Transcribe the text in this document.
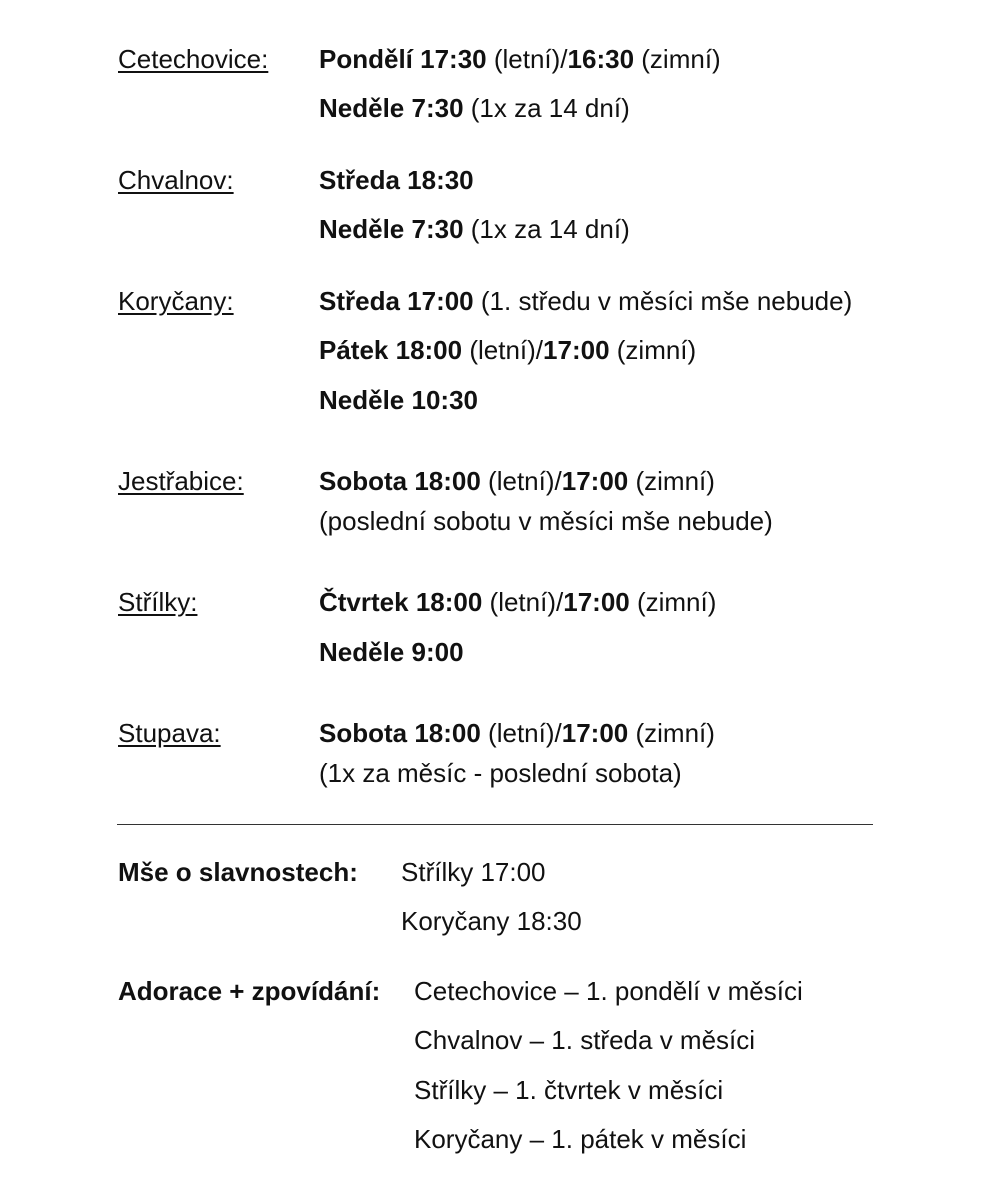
Cetechovice:
Chvalnov:
Koryčany:
Jestřabice:
Střílky:
Stupava:
Pondělí 17:30 (letní)/16:30 (zimní)
Neděle 7:30 (1x za 14 dní)
Středa 18:30
Neděle 7:30 (1x za 14 dní)
Středa 17:00 (1. středu v měsíci mše nebude)
Pátek 18:00 (letní)/17:00 (zimní)
Neděle 10:30
Sobota 18:00 (letní)/17:00 (zimní)
(poslední sobotu v měsíci mše nebude)
Čtvrtek 18:00 (letní)/17:00 (zimní)
Neděle 9:00
Sobota 18:00 (letní)/17:00 (zimní)
(1x za měsíc - poslední sobota)
Mše o slavnostech: Střílky 17:00
Koryčany 18:30
Adorace + zpovídání: Cetechovice – 1. pondělí v měsíci
Chvalnov – 1. středa v měsíci
Střílky – 1. čtvrtek v měsíci
Koryčany – 1. pátek v měsíci
